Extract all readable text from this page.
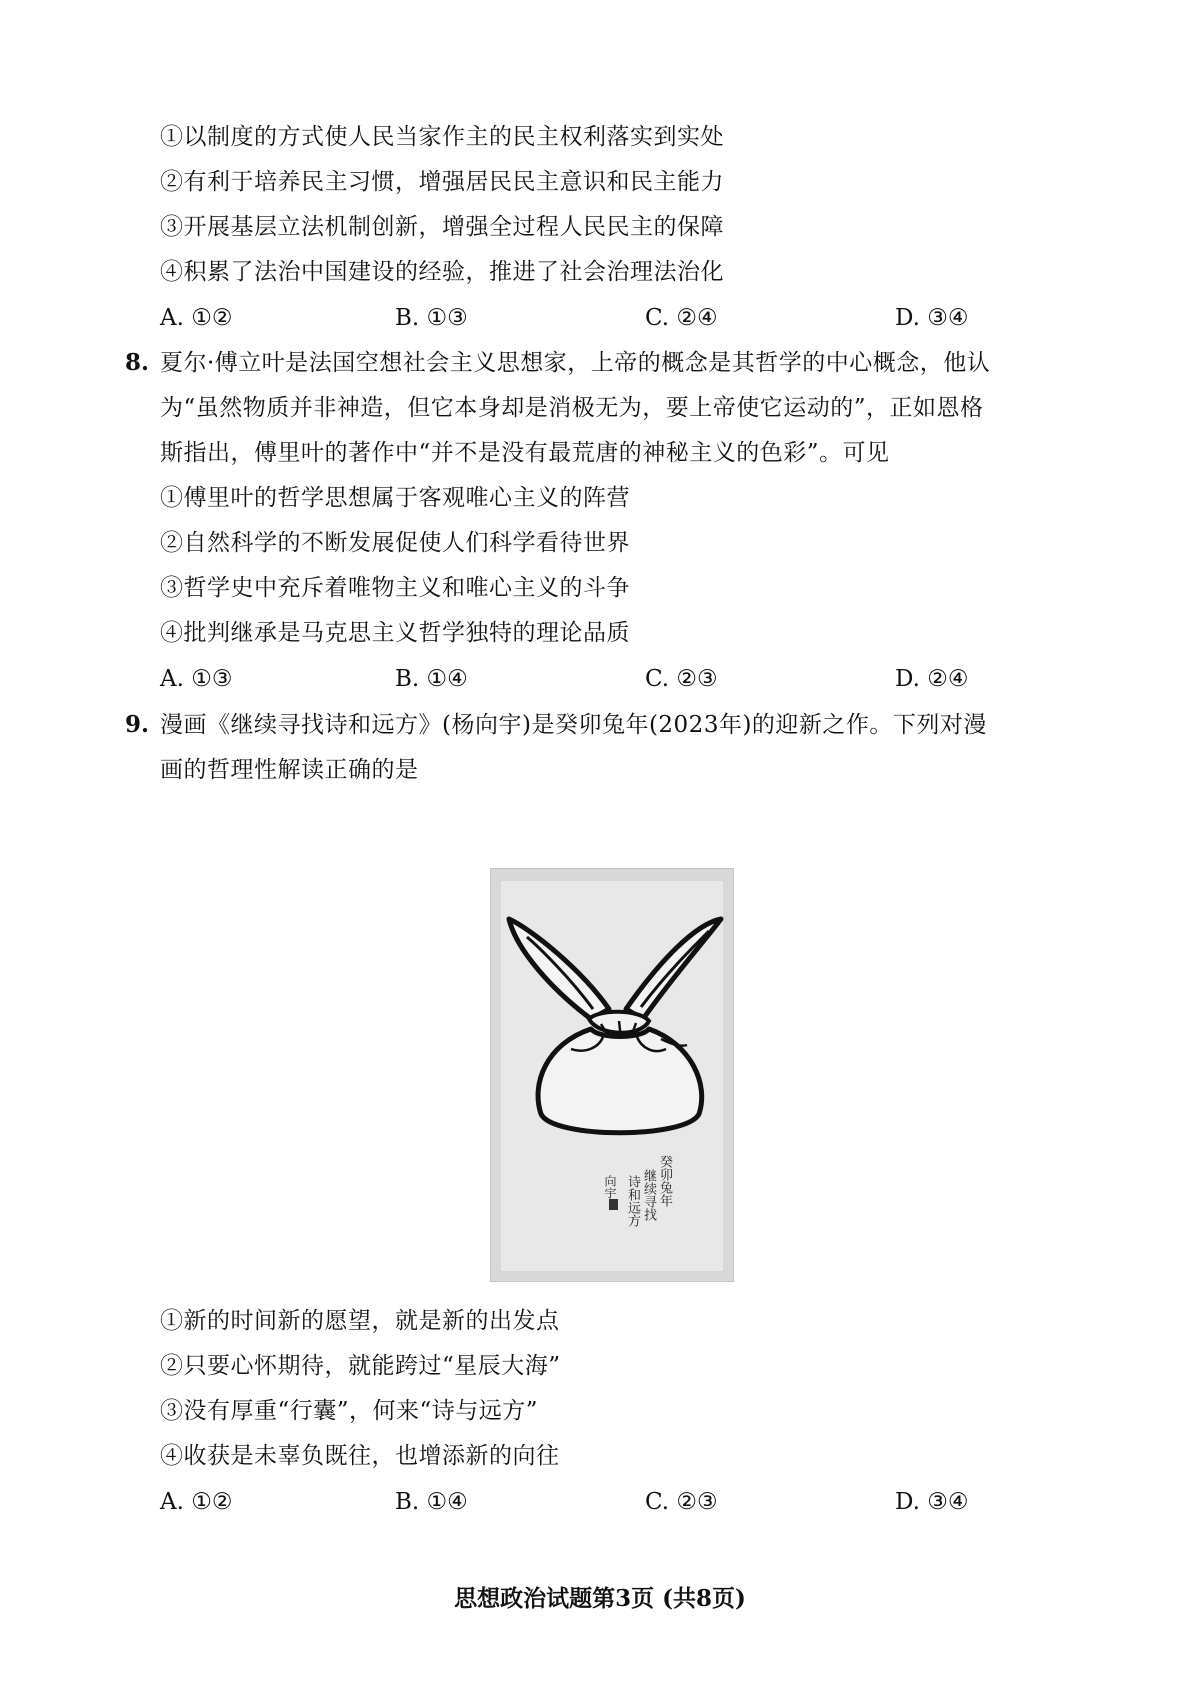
①以制度的方式使人民当家作主的民主权利落实到实处
②有利于培养民主习惯，增强居民民主意识和民主能力
③开展基层立法机制创新，增强全过程人民民主的保障
④积累了法治中国建设的经验，推进了社会治理法治化
A. ①②	B. ①③	C. ②④	D. ③④
8. 夏尔·傅立叶是法国空想社会主义思想家，上帝的概念是其哲学的中心概念，他认
为“虽然物质并非神造，但它本身却是消极无为，要上帝使它运动的”，正如恩格
斯指出，傅里叶的著作中“并不是没有最荒唐的神秘主义的色彩”。可见
①傅里叶的哲学思想属于客观唯心主义的阵营
②自然科学的不断发展促使人们科学看待世界
③哲学史中充斥着唯物主义和唯心主义的斗争
④批判继承是马克思主义哲学独特的理论品质
A. ①③	B. ①④	C. ②③	D. ②④
9. 漫画《继续寻找诗和远方》(杨向宇)是癸卯兔年(2023年)的迎新之作。下列对漫
画的哲理性解读正确的是
癸卯兔年
继续寻找
诗和远方
向宇
①新的时间新的愿望，就是新的出发点
②只要心怀期待，就能跨过“星辰大海”
③没有厚重“行囊”，何来“诗与远方”
④收获是未辜负既往，也增添新的向往
A. ①②	B. ①④	C. ②③	D. ③④
思想政治试题第3页 (共8页)
